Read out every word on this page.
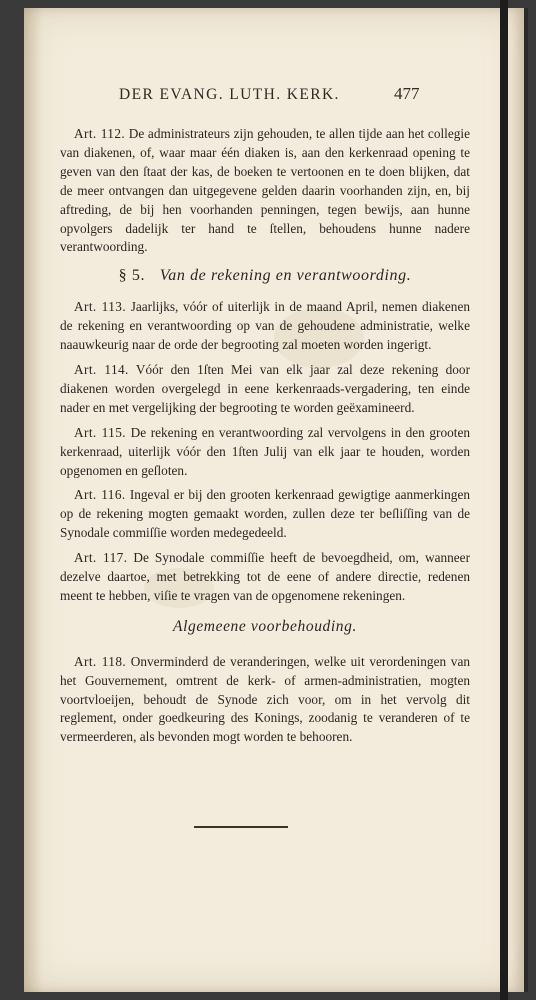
DER EVANG. LUTH. KERK.	477

Art. 112. De administrateurs zijn gehouden, te allen tijde aan het collegie van diakenen, of, waar maar één diaken is, aan den kerkenraad opening te geven van den ſtaat der kas, de boeken te vertoonen en te doen blijken, dat de meer ontvangen dan uitgegevene gelden daarin voorhanden zijn, en, bij aftreding, de bij hen voorhanden penningen, tegen bewijs, aan hunne opvolgers dadelijk ter hand te ſtellen, behoudens hunne nadere verantwoording.

§ 5. Van de rekening en verantwoording.

Art. 113. Jaarlijks, vóór of uiterlijk in de maand April, nemen diakenen de rekening en verantwoording op van de gehoudene administratie, welke naauwkeurig naar de orde der begrooting zal moeten worden ingerigt.

Art. 114. Vóór den 1ſten Mei van elk jaar zal deze rekening door diakenen worden overgelegd in eene kerkenraads-vergadering, ten einde nader en met vergelijking der begrooting te worden geëxamineerd.

Art. 115. De rekening en verantwoording zal vervolgens in den grooten kerkenraad, uiterlijk vóór den 1ſten Julij van elk jaar te houden, worden opgenomen en geſloten.

Art. 116. Ingeval er bij den grooten kerkenraad gewigtige aanmerkingen op de rekening mogten gemaakt worden, zullen deze ter beſliſſing van de Synodale commiſſie worden medegedeeld.

Art. 117. De Synodale commiſſie heeft de bevoegdheid, om, wanneer dezelve daartoe, met betrekking tot de eene of andere directie, redenen meent te hebben, viſie te vragen van de opgenomene rekeningen.

Algemeene voorbehouding.

Art. 118. Onverminderd de veranderingen, welke uit verordeningen van het Gouvernement, omtrent de kerk- of armen-administratien, mogten voortvloeijen, behoudt de Synode zich voor, om in het vervolg dit reglement, onder goedkeuring des Konings, zoodanig te veranderen of te vermeerderen, als bevonden mogt worden te behooren.
